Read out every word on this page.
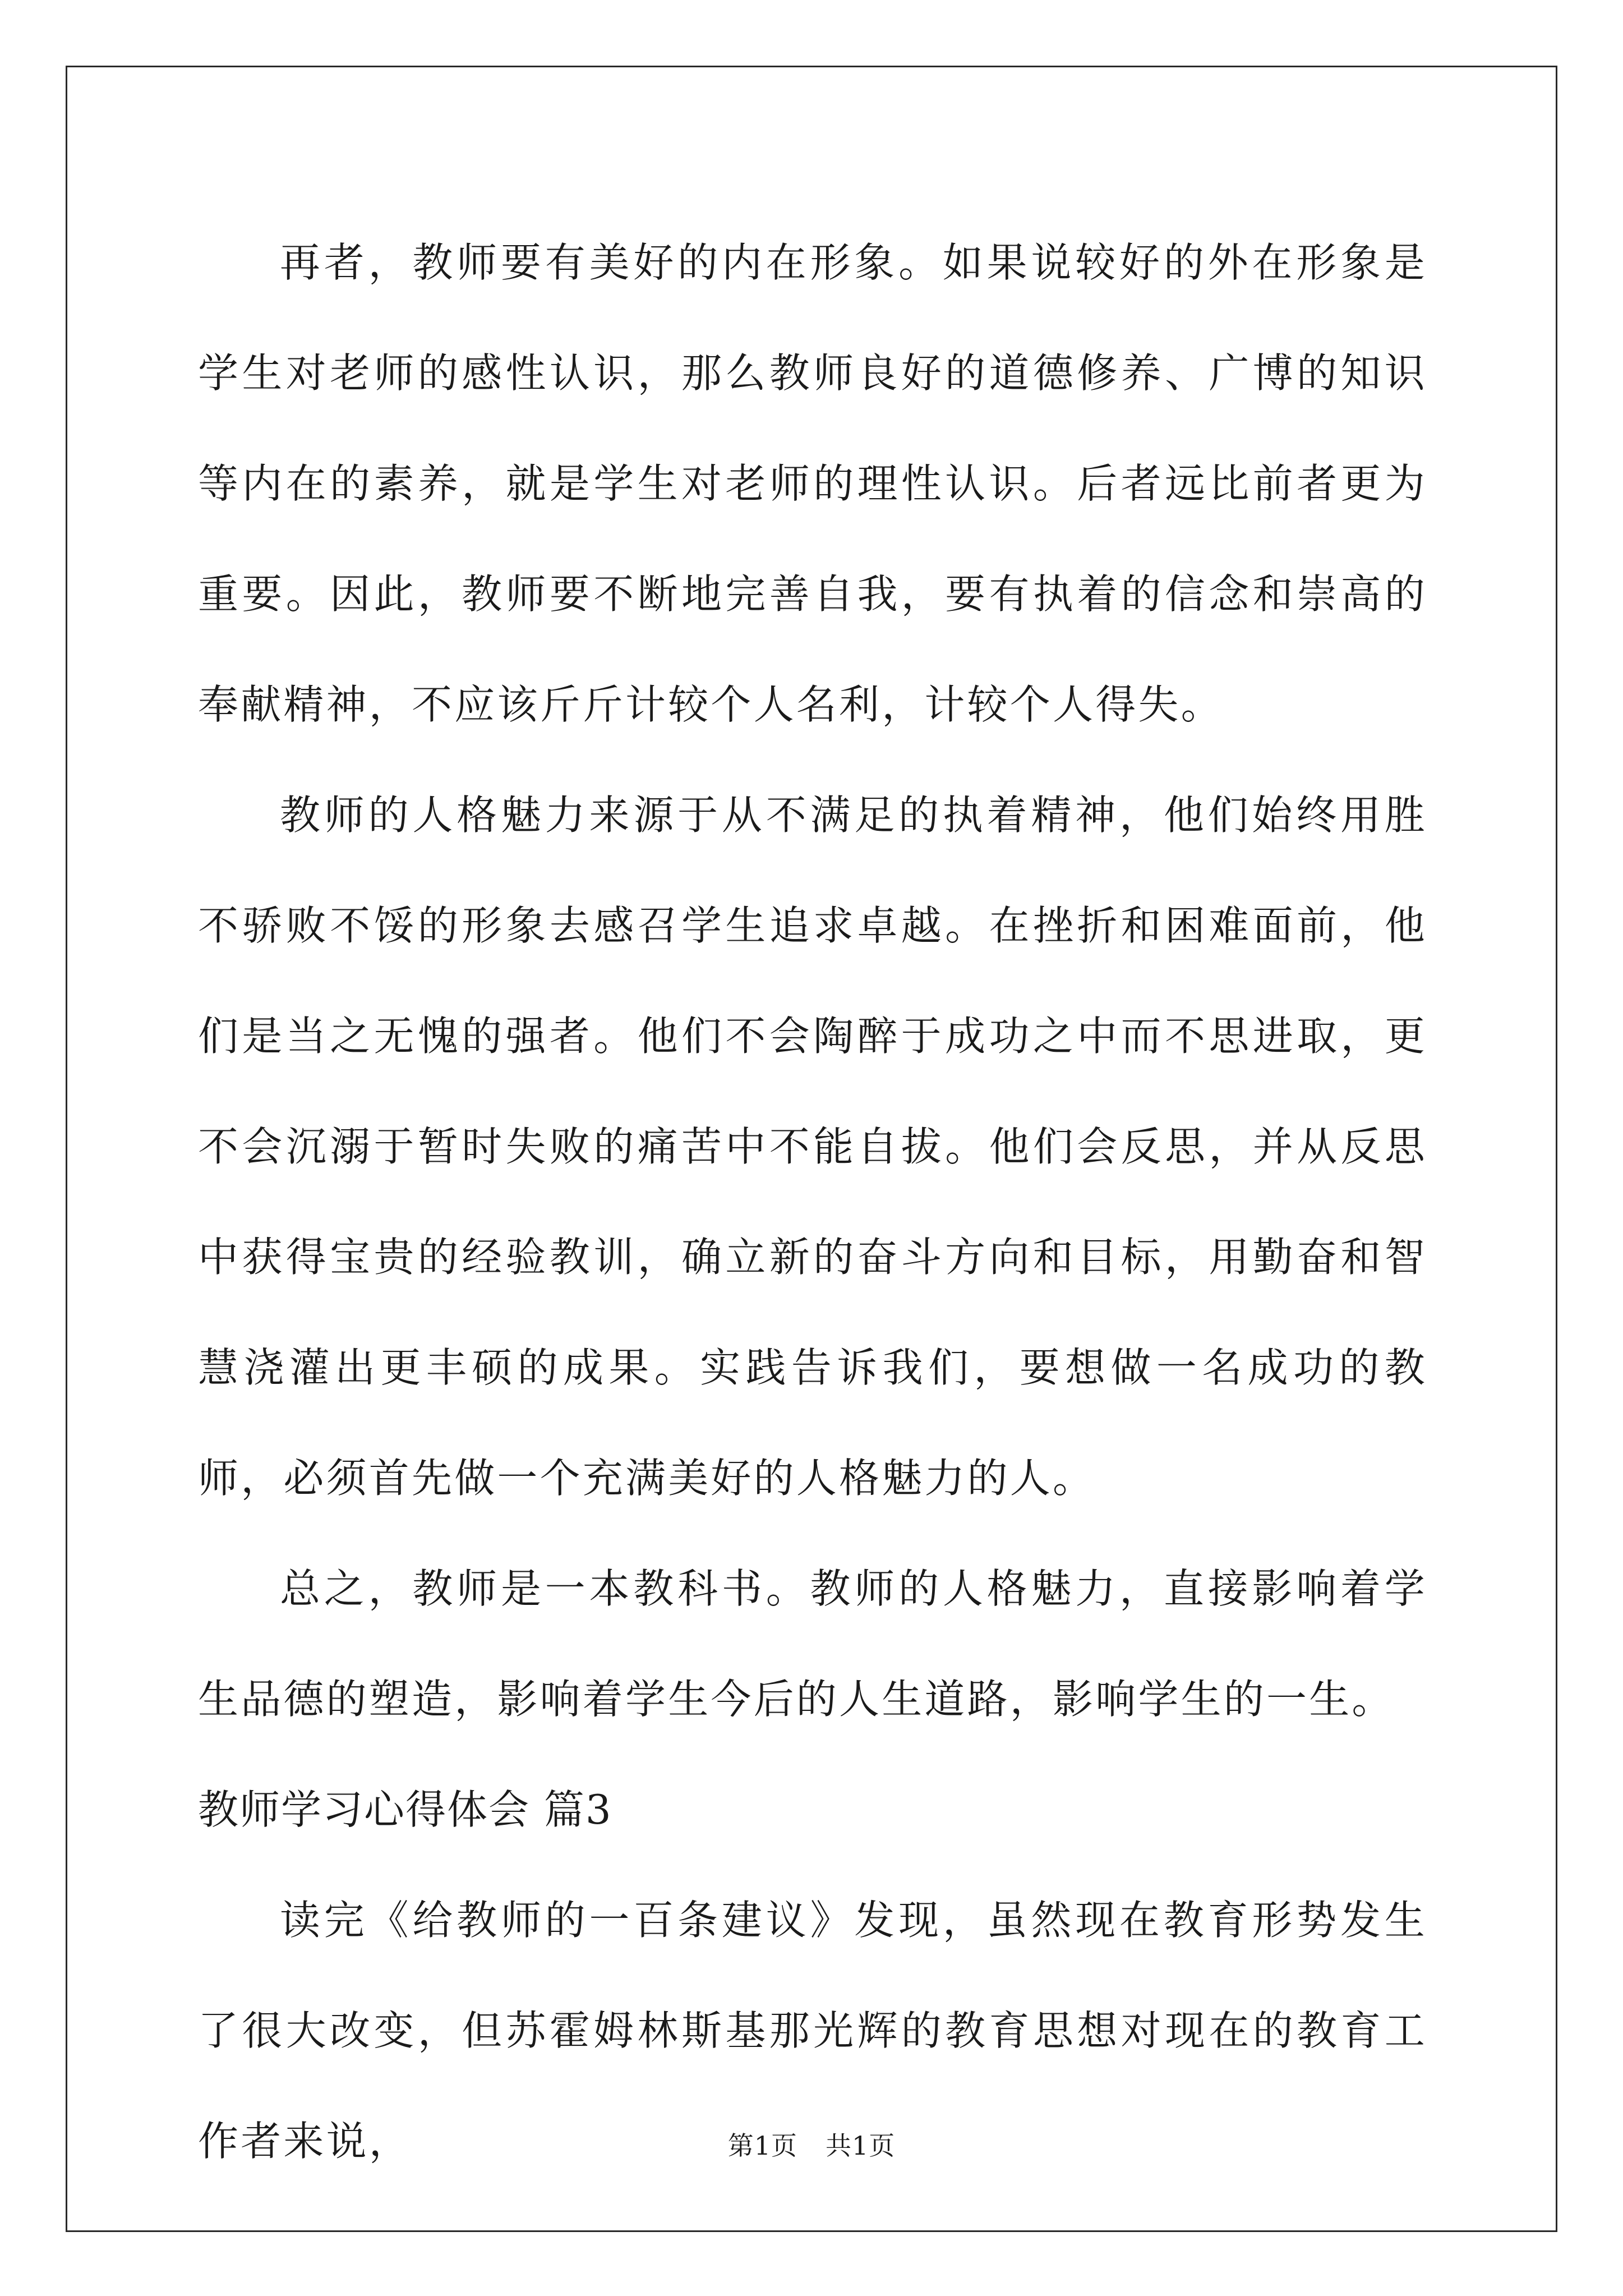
再者，教师要有美好的内在形象。如果说较好的外在形象是学生对老师的感性认识，那么教师良好的道德修养、广博的知识等内在的素养，就是学生对老师的理性认识。后者远比前者更为重要。因此，教师要不断地完善自我，要有执着的信念和崇高的奉献精神，不应该斤斤计较个人名利，计较个人得失。

教师的人格魅力来源于从不满足的执着精神，他们始终用胜不骄败不馁的形象去感召学生追求卓越。在挫折和困难面前，他们是当之无愧的强者。他们不会陶醉于成功之中而不思进取，更不会沉溺于暂时失败的痛苦中不能自拔。他们会反思，并从反思中获得宝贵的经验教训，确立新的奋斗方向和目标，用勤奋和智慧浇灌出更丰硕的成果。实践告诉我们，要想做一名成功的教师，必须首先做一个充满美好的人格魅力的人。

总之，教师是一本教科书。教师的人格魅力，直接影响着学生品德的塑造，影响着学生今后的人生道路，影响学生的一生。

教师学习心得体会 篇3

读完《给教师的一百条建议》发现，虽然现在教育形势发生了很大改变，但苏霍姆林斯基那光辉的教育思想对现在的教育工作者来说，	第1页 共1页
